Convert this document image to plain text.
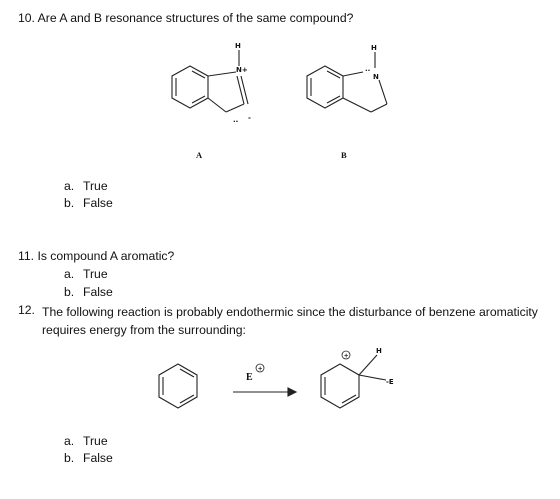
10. Are A and B resonance structures of the same compound?
H
N+
·· -
A
H
··
N
B
a. True
b. False
11. Is compound A aromatic?
a. True
b. False
12. The following reaction is probably endothermic since the disturbance of benzene aromaticity requires energy from the surrounding:
E
+
+
H
-E
a. True
b. False
